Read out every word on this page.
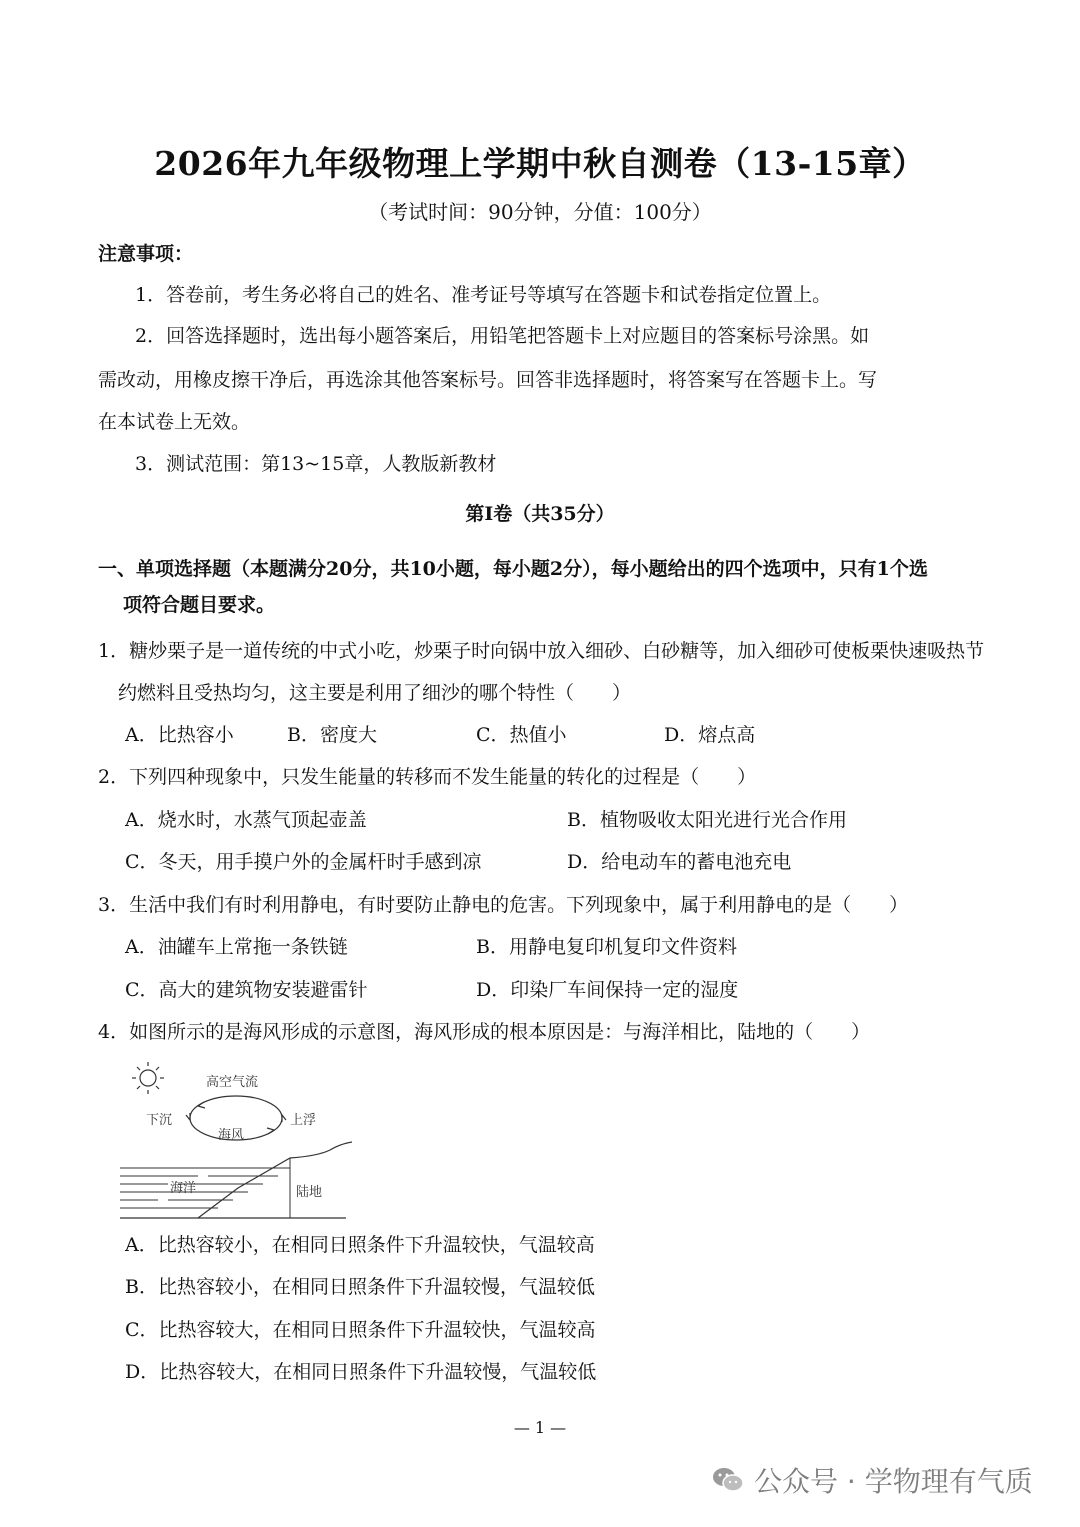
2026年九年级物理上学期中秋自测卷（13-15章）
（考试时间：90分钟，分值：100分）
注意事项：
1．答卷前，考生务必将自己的姓名、准考证号等填写在答题卡和试卷指定位置上。
2．回答选择题时，选出每小题答案后，用铅笔把答题卡上对应题目的答案标号涂黑。如
需改动，用橡皮擦干净后，再选涂其他答案标号。回答非选择题时，将答案写在答题卡上。写
在本试卷上无效。
3．测试范围：第13~15章，人教版新教材
第I卷（共35分）
一、单项选择题（本题满分20分，共10小题，每小题2分），每小题给出的四个选项中，只有1个选
项符合题目要求。
1．糖炒栗子是一道传统的中式小吃，炒栗子时向锅中放入细砂、白砂糖等，加入细砂可使板栗快速吸热节
约燃料且受热均匀，这主要是利用了细沙的哪个特性（　　）
A．比热容小	B．密度大	C．热值小	D．熔点高
2．下列四种现象中，只发生能量的转移而不发生能量的转化的过程是（　　）
A．烧水时，水蒸气顶起壶盖	B．植物吸收太阳光进行光合作用
C．冬天，用手摸户外的金属杆时手感到凉	D．给电动车的蓄电池充电
3．生活中我们有时利用静电，有时要防止静电的危害。下列现象中，属于利用静电的是（　　）
A．油罐车上常拖一条铁链	B．用静电复印机复印文件资料
C．高大的建筑物安装避雷针	D．印染厂车间保持一定的湿度
4．如图所示的是海风形成的示意图，海风形成的根本原因是：与海洋相比，陆地的（　　）
高空气流
下沉	上浮
海风
海洋	陆地
A．比热容较小，在相同日照条件下升温较快，气温较高
B．比热容较小，在相同日照条件下升温较慢，气温较低
C．比热容较大，在相同日照条件下升温较快，气温较高
D．比热容较大，在相同日照条件下升温较慢，气温较低
— 1 —
公众号 · 学物理有气质
